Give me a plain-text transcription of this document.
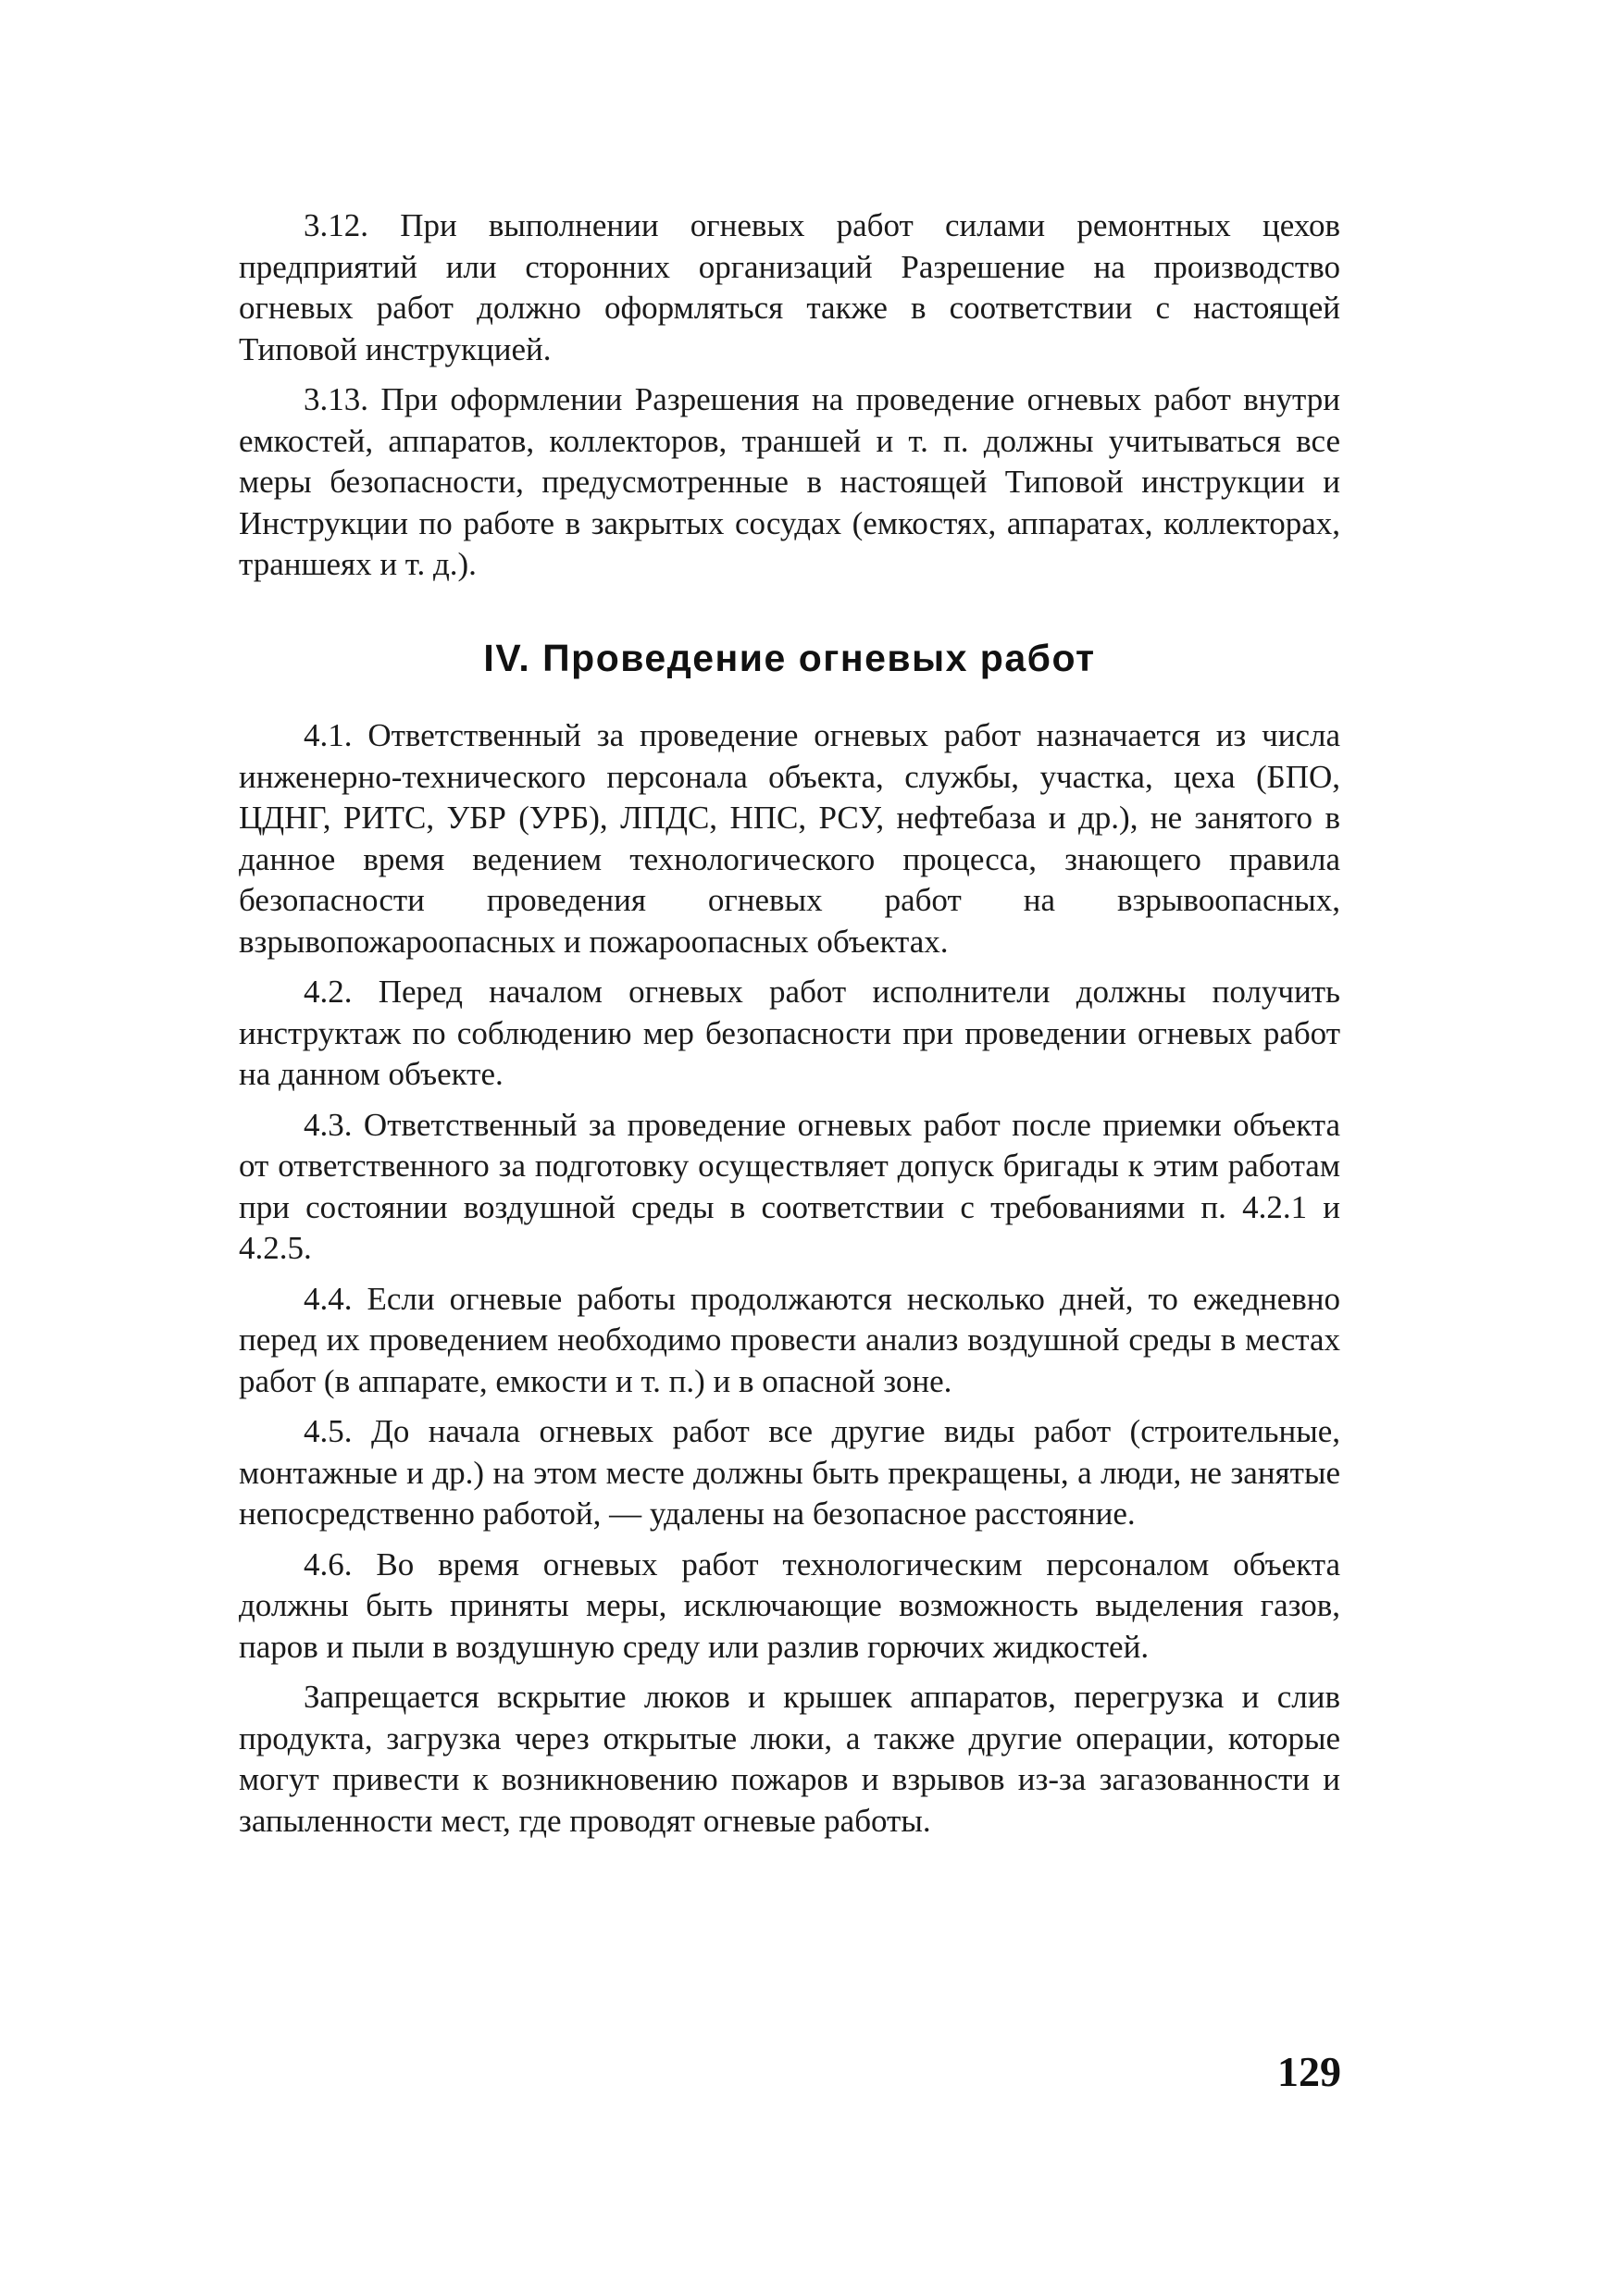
3.12. При выполнении огневых работ силами ремонтных цехов предприятий или сторонних организаций Разрешение на производство огневых работ должно оформляться также в соответствии с настоящей Типовой инструкцией.

3.13. При оформлении Разрешения на проведение огневых работ внутри емкостей, аппаратов, коллекторов, траншей и т. п. должны учитываться все меры безопасности, предусмотренные в настоящей Типовой инструкции и Инструкции по работе в закрытых сосудах (емкостях, аппаратах, коллекторах, траншеях и т. д.).

IV. Проведение огневых работ

4.1. Ответственный за проведение огневых работ назначается из числа инженерно-технического персонала объекта, службы, участка, цеха (БПО, ЦДНГ, РИТС, УБР (УРБ), ЛПДС, НПС, РСУ, нефтебаза и др.), не занятого в данное время ведением технологического процесса, знающего правила безопасности проведения огневых работ на взрывоопасных, взрывопожароопасных и пожароопасных объектах.

4.2. Перед началом огневых работ исполнители должны получить инструктаж по соблюдению мер безопасности при проведении огневых работ на данном объекте.

4.3. Ответственный за проведение огневых работ после приемки объекта от ответственного за подготовку осуществляет допуск бригады к этим работам при состоянии воздушной среды в соответствии с требованиями п. 4.2.1 и 4.2.5.

4.4. Если огневые работы продолжаются несколько дней, то ежедневно перед их проведением необходимо провести анализ воздушной среды в местах работ (в аппарате, емкости и т. п.) и в опасной зоне.

4.5. До начала огневых работ все другие виды работ (строительные, монтажные и др.) на этом месте должны быть прекращены, а люди, не занятые непосредственно работой, — удалены на безопасное расстояние.

4.6. Во время огневых работ технологическим персоналом объекта должны быть приняты меры, исключающие возможность выделения газов, паров и пыли в воздушную среду или разлив горючих жидкостей.

Запрещается вскрытие люков и крышек аппаратов, перегрузка и слив продукта, загрузка через открытые люки, а также другие операции, которые могут привести к возникновению пожаров и взрывов из-за загазованности и запыленности мест, где проводят огневые работы.

129
